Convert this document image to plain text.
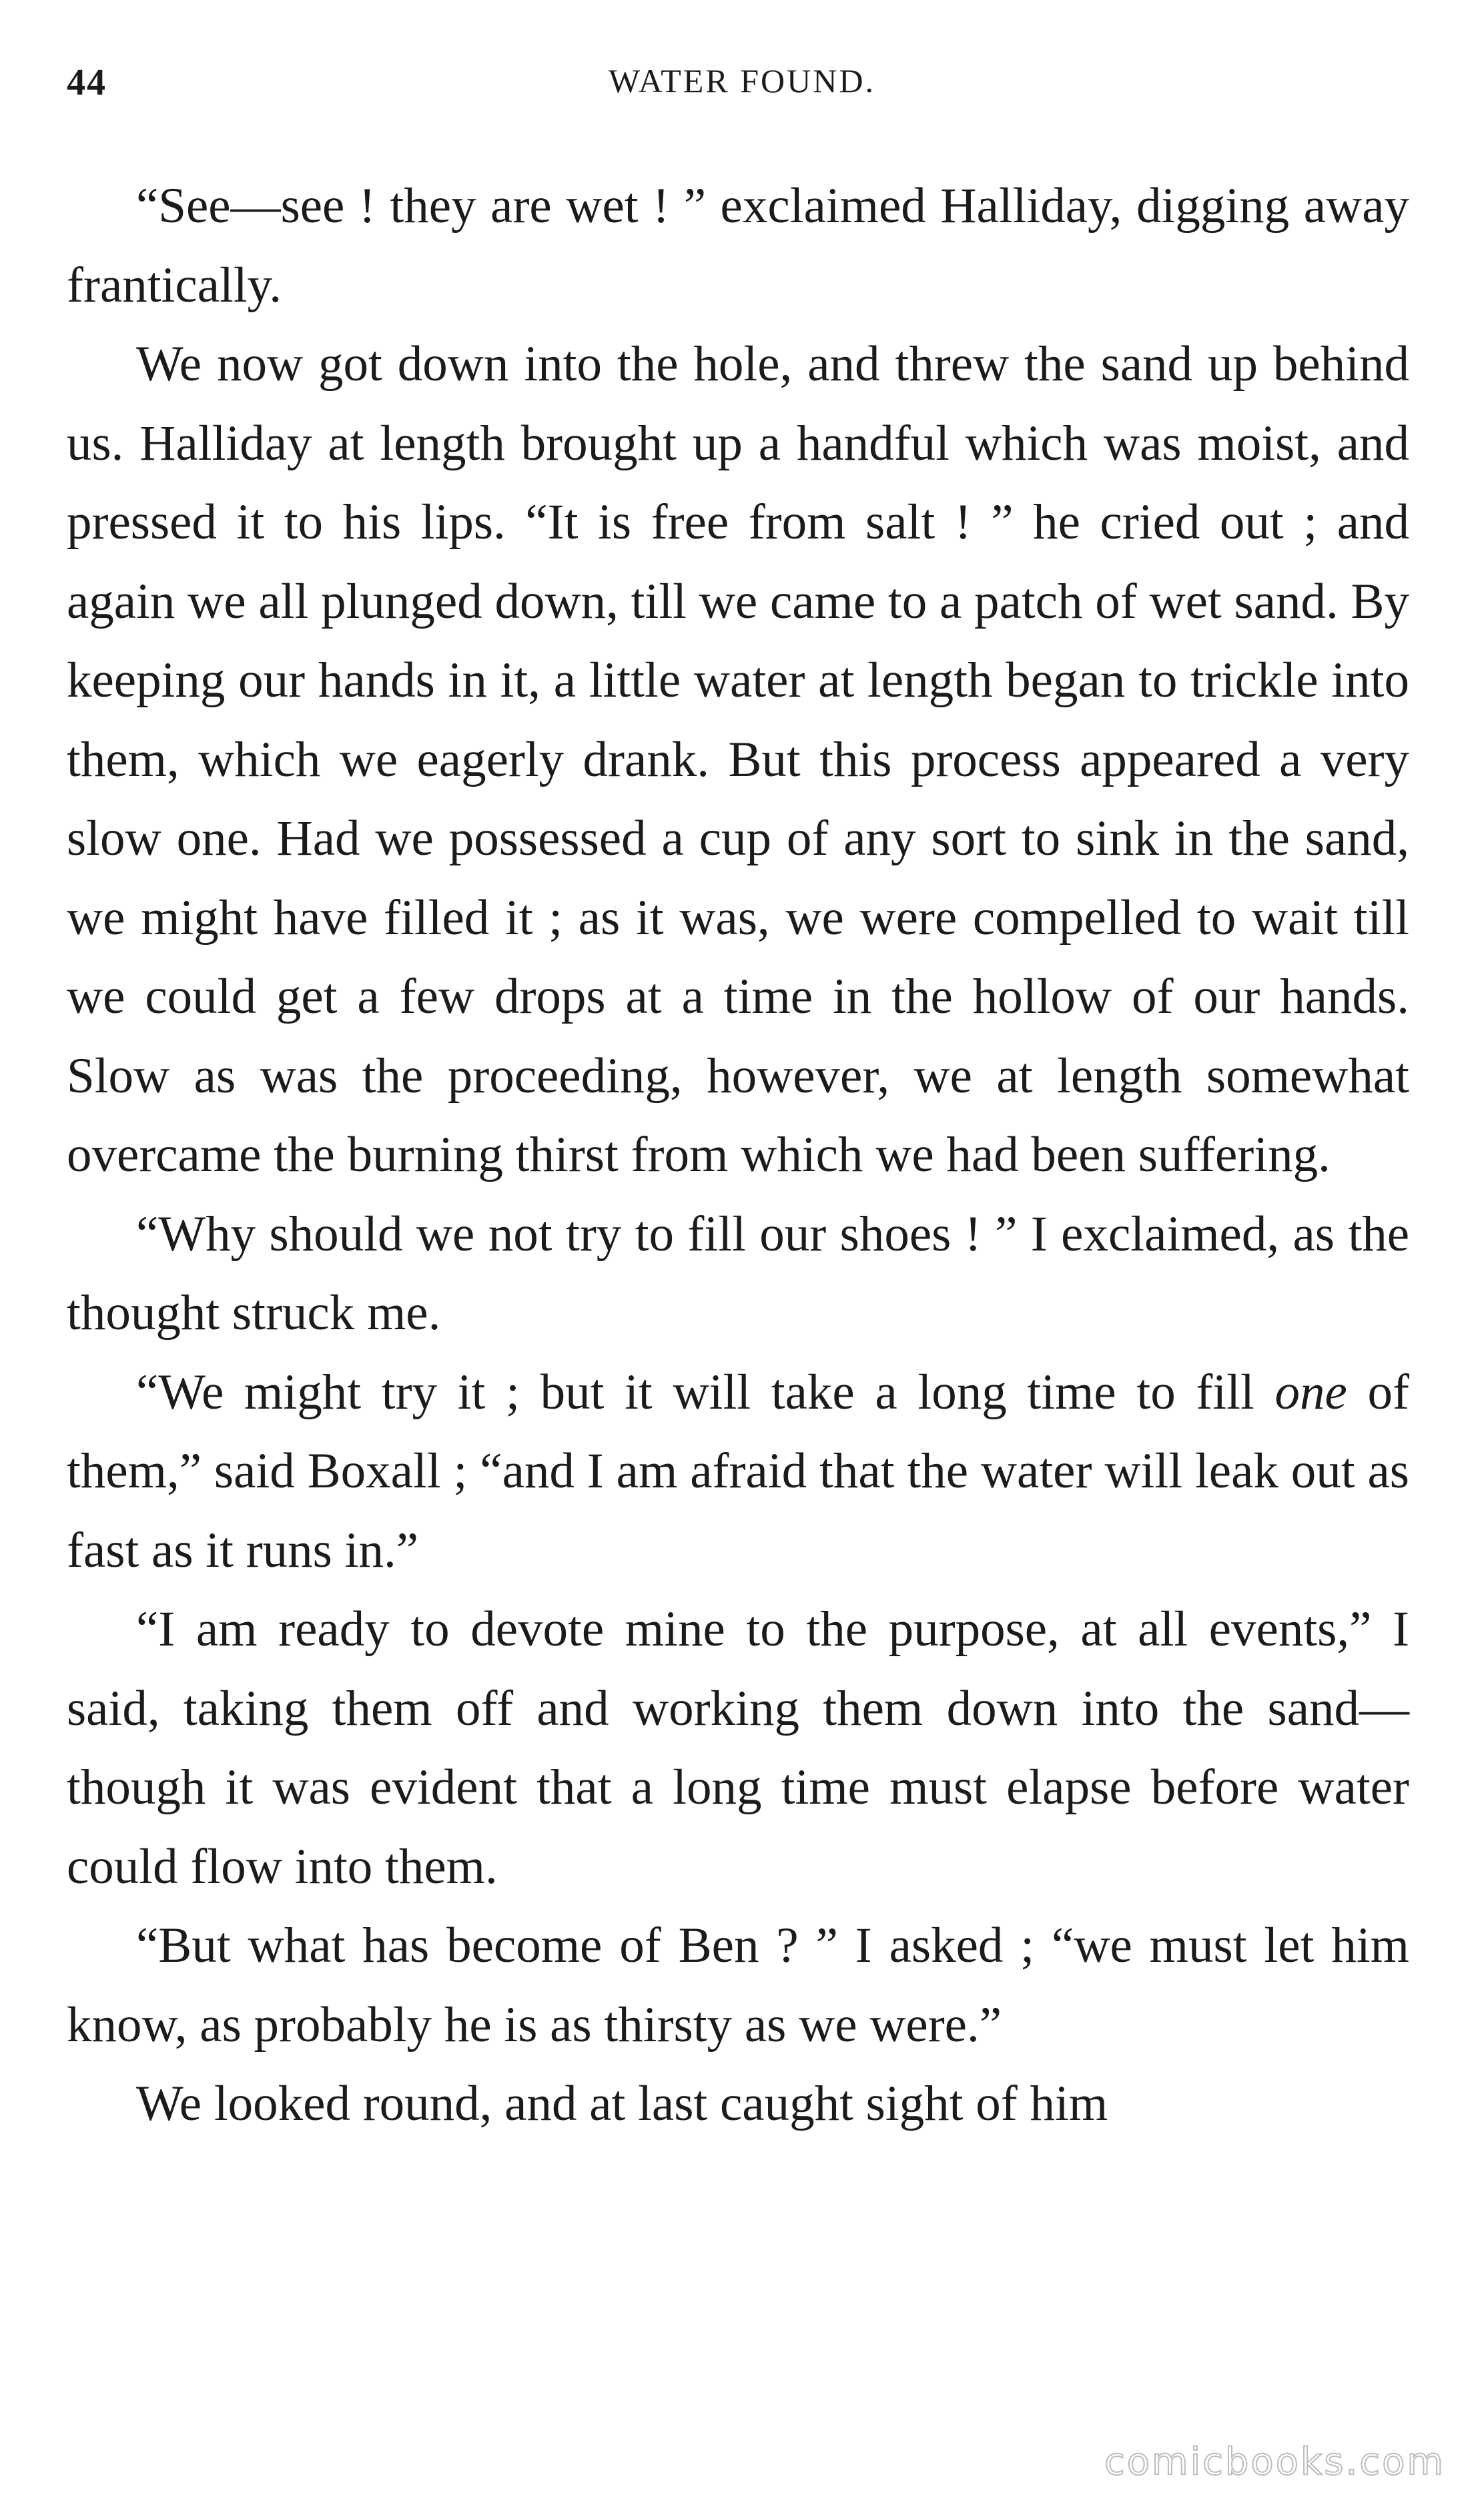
44	WATER FOUND.

“See—see ! they are wet ! ” exclaimed Halliday, digging away frantically.

We now got down into the hole, and threw the sand up behind us. Halliday at length brought up a handful which was moist, and pressed it to his lips. “It is free from salt ! ” he cried out ; and again we all plunged down, till we came to a patch of wet sand. By keeping our hands in it, a little water at length began to trickle into them, which we eagerly drank. But this process appeared a very slow one. Had we possessed a cup of any sort to sink in the sand, we might have filled it ; as it was, we were compelled to wait till we could get a few drops at a time in the hollow of our hands. Slow as was the proceeding, however, we at length somewhat overcame the burning thirst from which we had been suffering.

“Why should we not try to fill our shoes ! ” I exclaimed, as the thought struck me.

“We might try it ; but it will take a long time to fill one of them,” said Boxall ; “and I am afraid that the water will leak out as fast as it runs in.”

“I am ready to devote mine to the purpose, at all events,” I said, taking them off and working them down into the sand—though it was evident that a long time must elapse before water could flow into them.

“But what has become of Ben ? ” I asked ; “we must let him know, as probably he is as thirsty as we were.”

We looked round, and at last caught sight of him

comicbooks.com
